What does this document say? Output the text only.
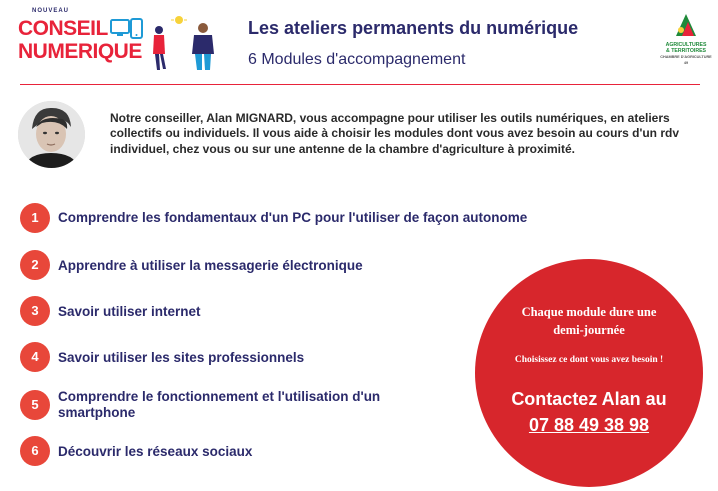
NOUVEAU
CONSEIL
NUMERIQUE
Les ateliers permanents du numérique
6 Modules d'accompagnement
AGRICULTURES
& TERRITOIRES
CHAMBRE D'AGRICULTURE
49
Notre conseiller, Alan MIGNARD, vous accompagne pour utiliser les outils numériques, en ateliers collectifs ou individuels. Il vous aide à choisir les modules dont vous avez besoin au cours d'un rdv individuel, chez vous ou sur une antenne de la chambre d'agriculture à proximité.
1	Comprendre les fondamentaux d'un PC pour l'utiliser de façon autonome
2	Apprendre à utiliser la messagerie électronique
3	Savoir utiliser internet
4	Savoir utiliser les sites professionnels
5
Comprendre le fonctionnement et l'utilisation d'un
smartphone
6	Découvrir les réseaux sociaux
Chaque module dure une
demi-journée
Choisissez ce dont vous avez besoin !
Contactez Alan au
07 88 49 38 98
